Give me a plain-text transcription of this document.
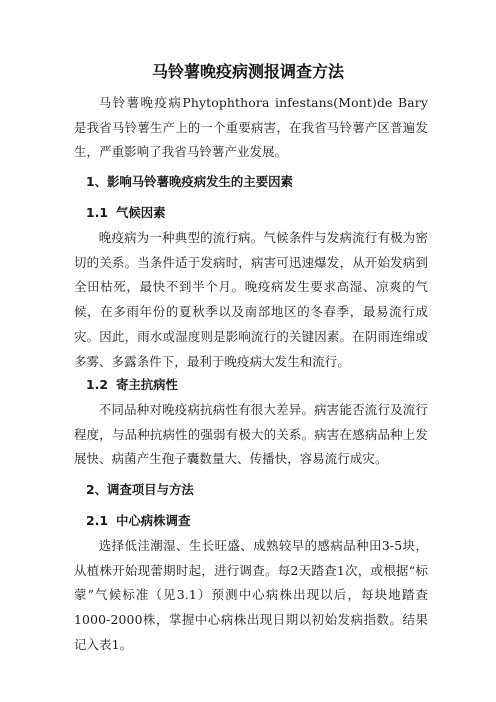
马铃薯晚疫病测报调查方法

马铃薯晚疫病Phytophthora infestans(Mont)de Bary是我省马铃薯生产上的一个重要病害，在我省马铃薯产区普遍发生，严重影响了我省马铃薯产业发展。

1、影响马铃薯晚疫病发生的主要因素

1.1 气候因素

晚疫病为一种典型的流行病。气候条件与发病流行有极为密切的关系。当条件适于发病时，病害可迅速爆发，从开始发病到全田枯死，最快不到半个月。晚疫病发生要求高湿、凉爽的气候，在多雨年份的夏秋季以及南部地区的冬春季，最易流行成灾。因此，雨水或湿度则是影响流行的关键因素。在阴雨连绵或多雾、多露条件下，最利于晚疫病大发生和流行。

1.2 寄主抗病性

不同品种对晚疫病抗病性有很大差异。病害能否流行及流行程度，与品种抗病性的强弱有极大的关系。病害在感病品种上发展快、病菌产生孢子囊数量大、传播快，容易流行成灾。

2、调查项目与方法

2.1 中心病株调查

选择低洼潮湿、生长旺盛、成熟较早的感病品种田3-5块，从植株开始现蕾期时起，进行调查。每2天踏查1次，或根据“标蒙”气候标准（见3.1）预测中心病株出现以后，每块地踏查1000-2000株，掌握中心病株出现日期以初始发病指数。结果记入表1。
